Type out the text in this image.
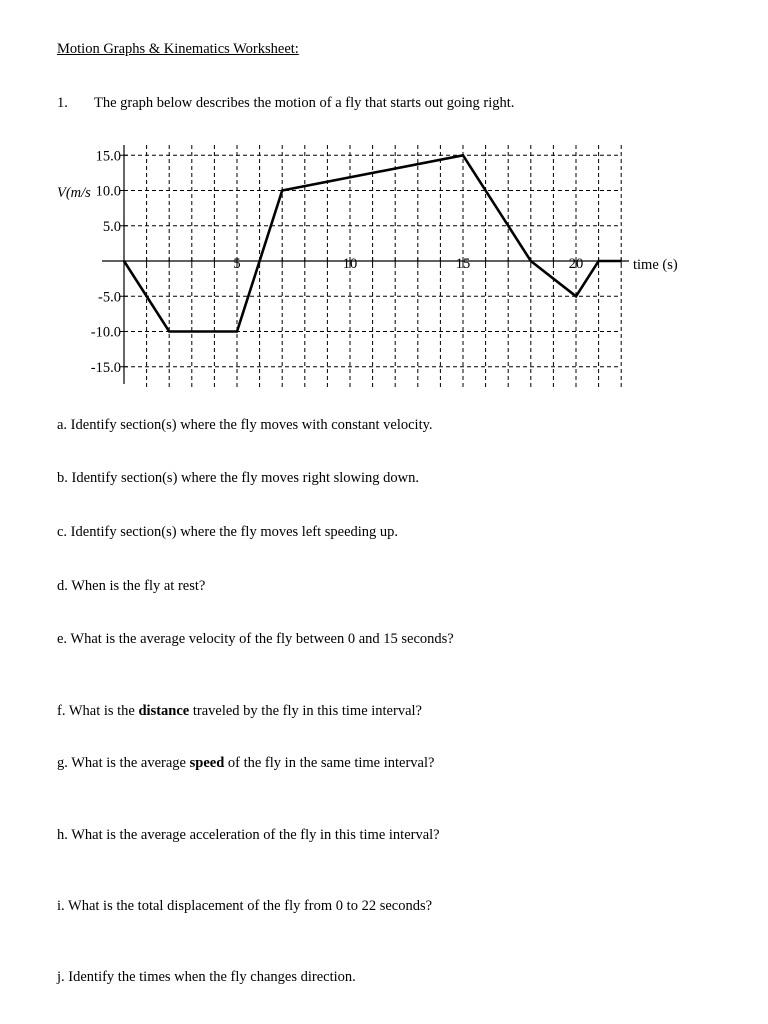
Motion Graphs & Kinematics Worksheet:
1. The graph below describes the motion of a fly that starts out going right.
15.0
10.0
5.0
-5.0
-10.0
-15.0
5	10	15	20	time (s)
V(m/s
a. Identify section(s) where the fly moves with constant velocity.
b. Identify section(s) where the fly moves right slowing down.
c. Identify section(s) where the fly moves left speeding up.
d. When is the fly at rest?
e. What is the average velocity of the fly between 0 and 15 seconds?
f. What is the distance traveled by the fly in this time interval?
g. What is the average speed of the fly in the same time interval?
h. What is the average acceleration of the fly in this time interval?
i. What is the total displacement of the fly from 0 to 22 seconds?
j. Identify the times when the fly changes direction.
